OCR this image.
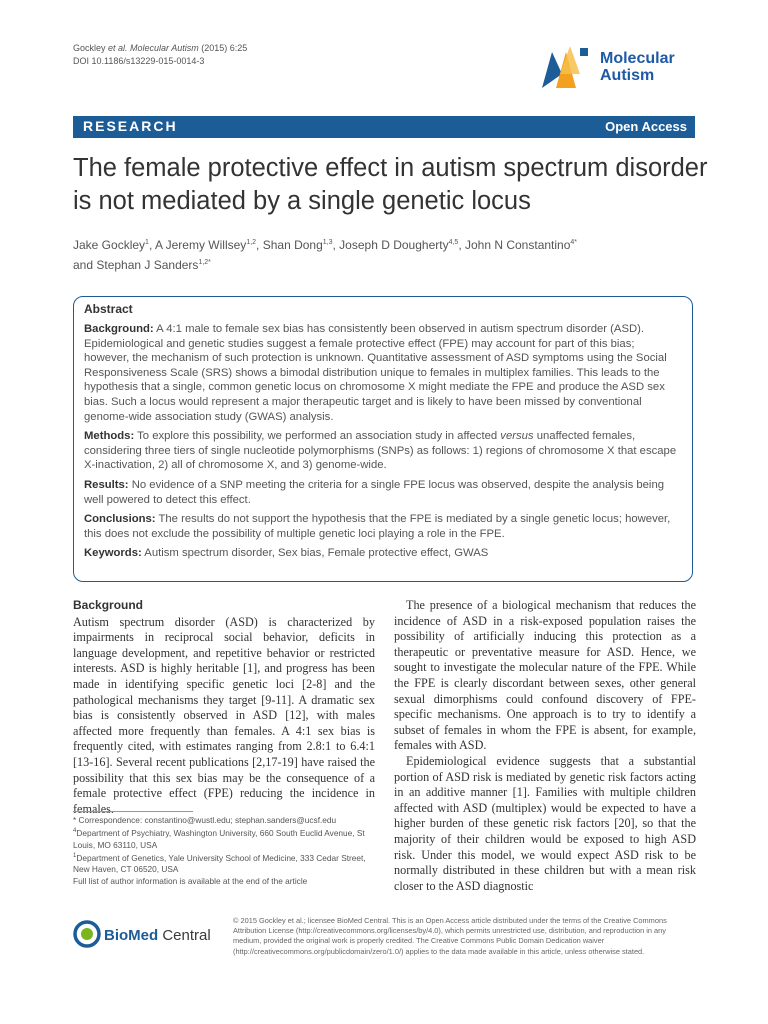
Gockley et al. Molecular Autism (2015) 6:25
DOI 10.1186/s13229-015-0014-3	Molecular
Autism
RESEARCH	Open Access
The female protective effect in autism spectrum disorder is not mediated by a single genetic locus
Jake Gockley$^1$, A Jeremy Willsey$^{1,2}$, Shan Dong$^{1,3}$, Joseph D Dougherty$^{4,5}$, John N Constantino$^{4*}$
and Stephan J Sanders$^{1,2*}$
Abstract

Background: A 4:1 male to female sex bias has consistently been observed in autism spectrum disorder (ASD). Epidemiological and genetic studies suggest a female protective effect (FPE) may account for part of this bias; however, the mechanism of such protection is unknown. Quantitative assessment of ASD symptoms using the Social Responsiveness Scale (SRS) shows a bimodal distribution unique to females in multiplex families. This leads to the hypothesis that a single, common genetic locus on chromosome X might mediate the FPE and produce the ASD sex bias. Such a locus would represent a major therapeutic target and is likely to have been missed by conventional genome-wide association study (GWAS) analysis.

Methods: To explore this possibility, we performed an association study in affected versus unaffected females, considering three tiers of single nucleotide polymorphisms (SNPs) as follows: 1) regions of chromosome X that escape X-inactivation, 2) all of chromosome X, and 3) genome-wide.

Results: No evidence of a SNP meeting the criteria for a single FPE locus was observed, despite the analysis being well powered to detect this effect.

Conclusions: The results do not support the hypothesis that the FPE is mediated by a single genetic locus; however, this does not exclude the possibility of multiple genetic loci playing a role in the FPE.

Keywords: Autism spectrum disorder, Sex bias, Female protective effect, GWAS

Background

Autism spectrum disorder (ASD) is characterized by impairments in reciprocal social behavior, deficits in language development, and repetitive behavior or restricted interests. ASD is highly heritable [1], and progress has been made in identifying specific genetic loci [2-8] and the pathological mechanisms they target [9-11]. A dramatic sex bias is consistently observed in ASD [12], with males affected more frequently than females. A 4:1 sex bias is frequently cited, with estimates ranging from 2.8:1 to 6.4:1 [13-16]. Several recent publications [2,17-19] have raised the possibility that this sex bias may be the consequence of a female protective effect (FPE) reducing the incidence in females.

The presence of a biological mechanism that reduces the incidence of ASD in a risk-exposed population raises the possibility of artificially inducing this protection as a therapeutic or preventative measure for ASD. Hence, we sought to investigate the molecular nature of the FPE. While the FPE is clearly discordant between sexes, other general sexual dimorphisms could confound discovery of FPE-specific mechanisms. One approach is to try to identify a subset of females in whom the FPE is absent, for example, females with ASD.

Epidemiological evidence suggests that a substantial portion of ASD risk is mediated by genetic risk factors acting in an additive manner [1]. Families with multiple children affected with ASD (multiplex) would be expected to have a higher burden of these genetic risk factors [20], so that the majority of their children would be exposed to high ASD risk. Under this model, we would expect ASD risk to be normally distributed in these children but with a mean risk closer to the ASD diagnostic

* Correspondence: constantino@wustl.edu; stephan.sanders@ucsf.edu

$^4$Department of Psychiatry, Washington University, 660 South Euclid Avenue, St Louis, MO 63110, USA

$^1$Department of Genetics, Yale University School of Medicine, 333 Cedar Street, New Haven, CT 06520, USA

Full list of author information is available at the end of the article

BioMed Central
© 2015 Gockley et al.; licensee BioMed Central. This is an Open Access article distributed under the terms of the Creative Commons Attribution License (http://creativecommons.org/licenses/by/4.0), which permits unrestricted use, distribution, and reproduction in any medium, provided the original work is properly credited. The Creative Commons Public Domain Dedication waiver (http://creativecommons.org/publicdomain/zero/1.0/) applies to the data made available in this article, unless otherwise stated.
